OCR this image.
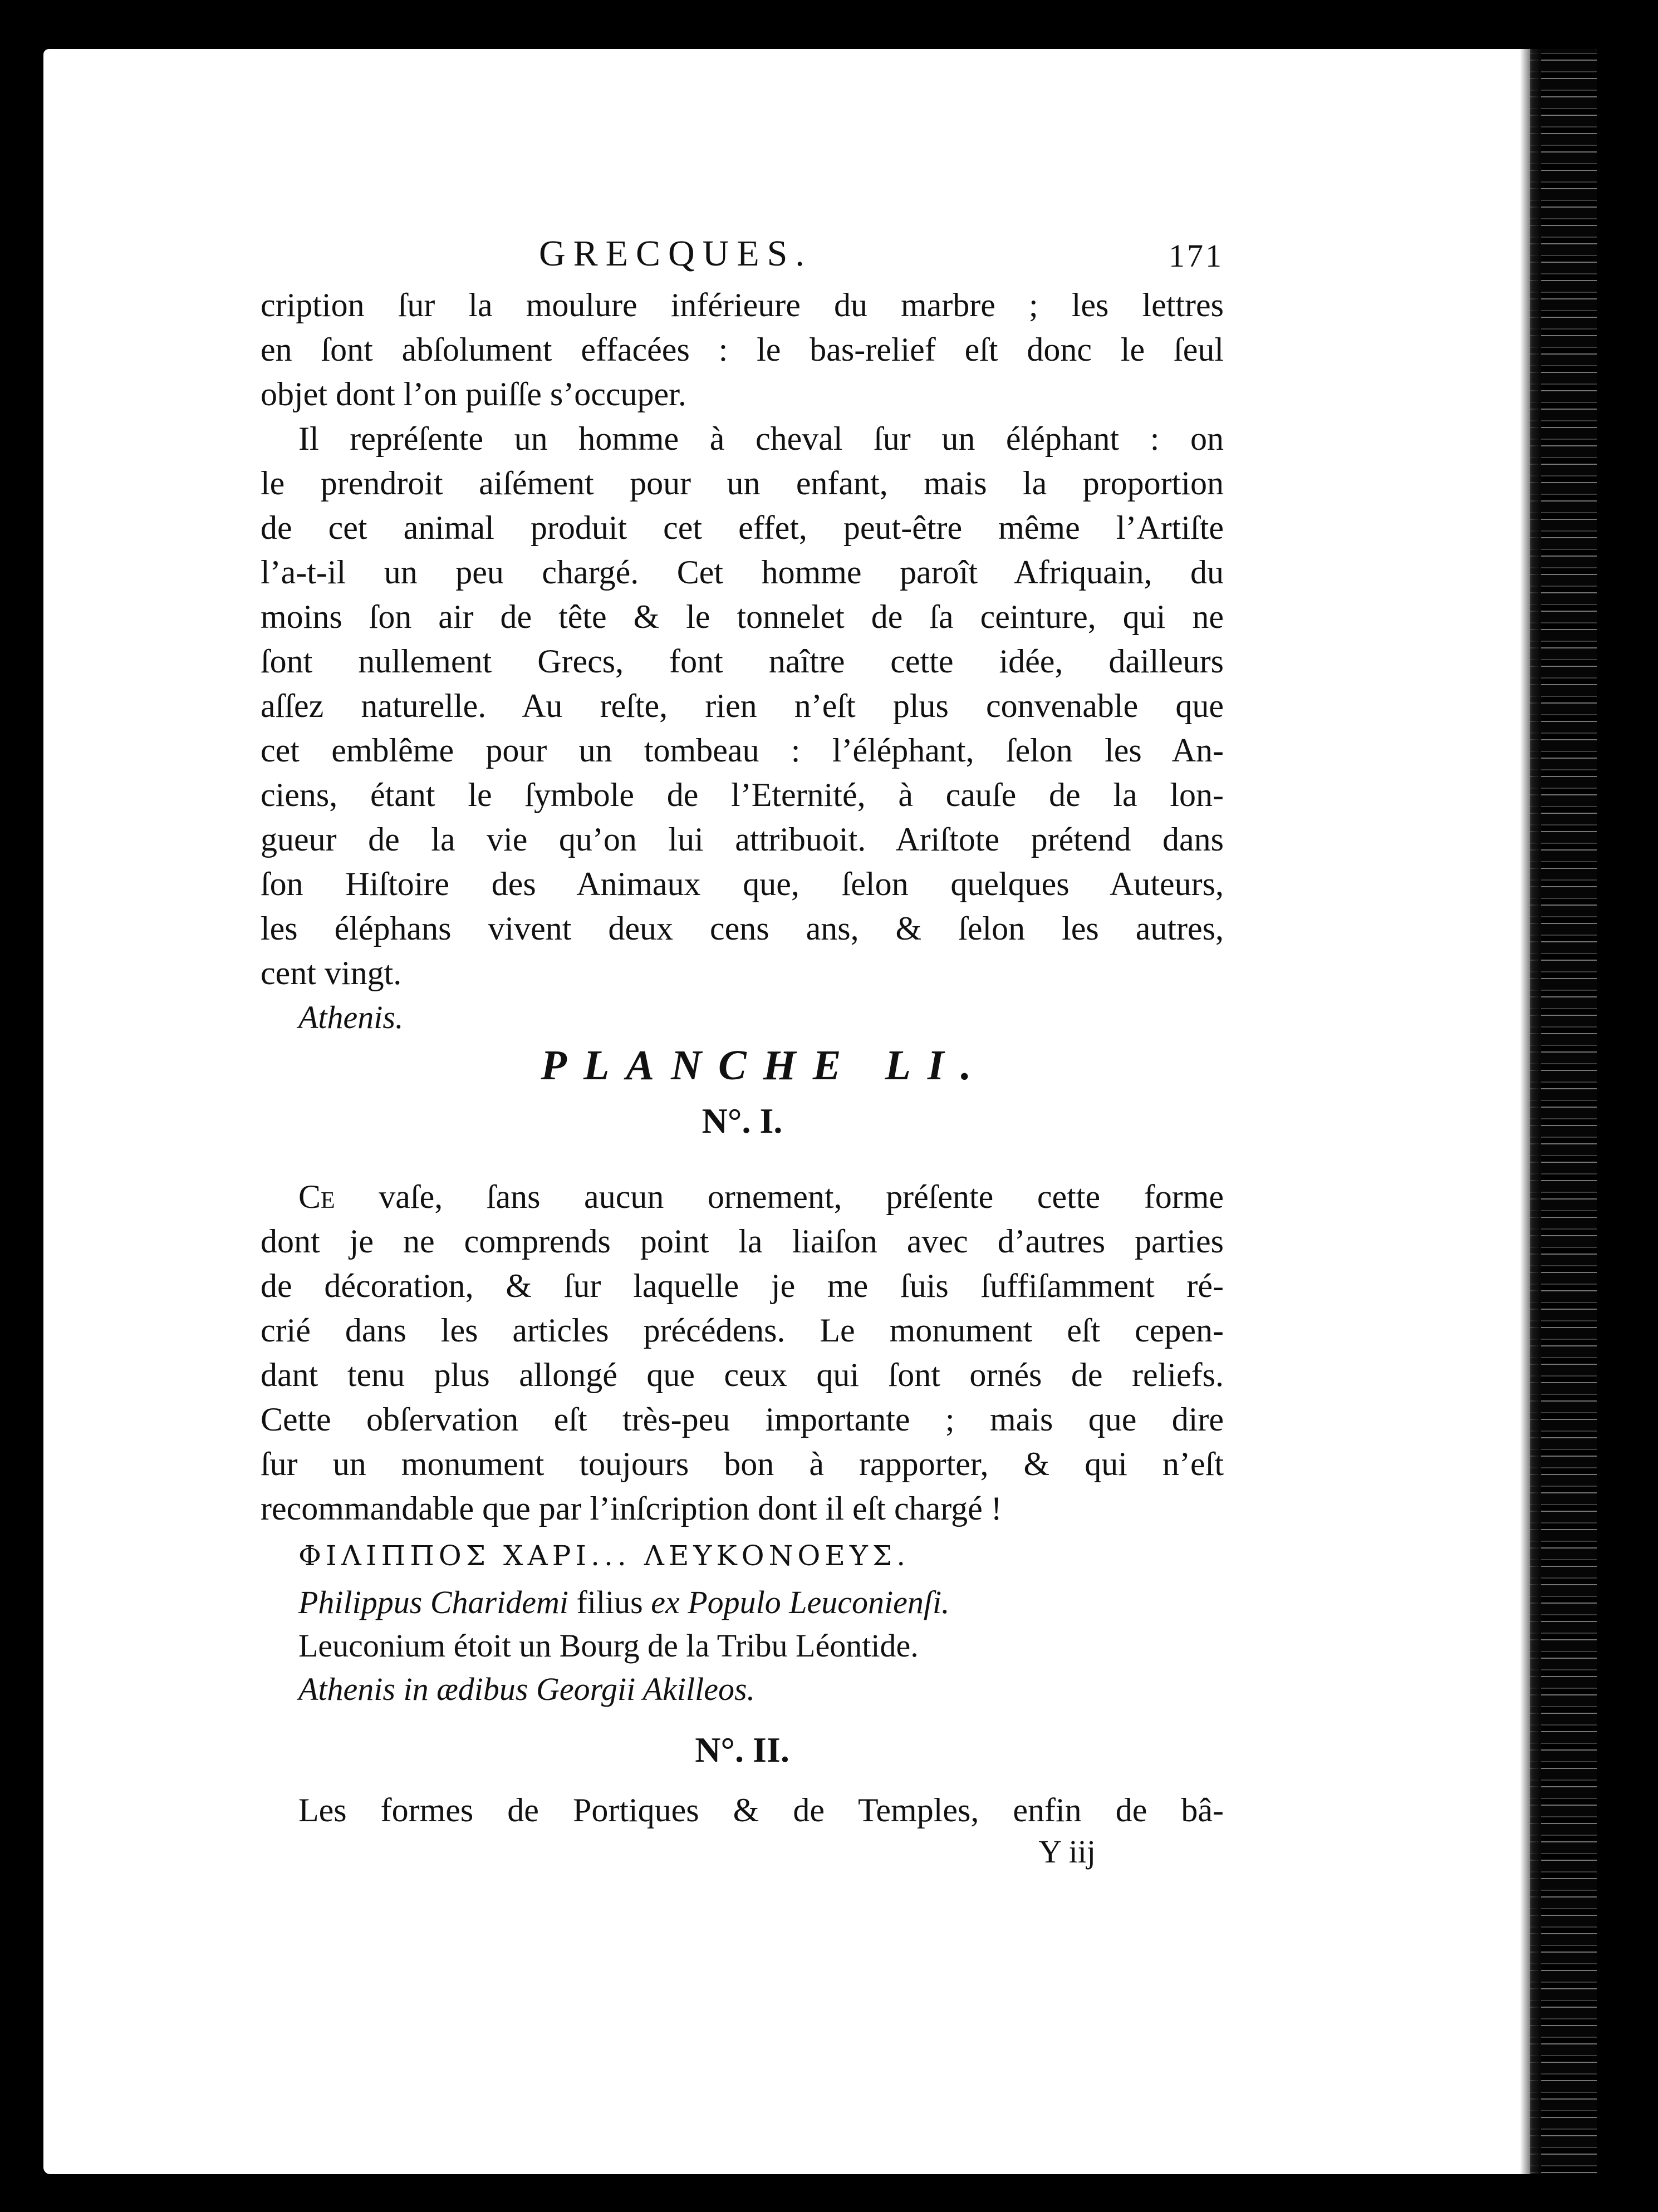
GRECQUES.	171
cription ſur la moulure inférieure du marbre ; les lettres
en ſont abſolument effacées : le bas-relief eſt donc le ſeul
objet dont l’on puiſſe s’occuper.
Il repréſente un homme à cheval ſur un éléphant : on
le prendroit aiſément pour un enfant, mais la proportion
de cet animal produit cet effet, peut-être même l’Artiſte
l’a-t-il un peu chargé. Cet homme paroît Afriquain, du
moins ſon air de tête & le tonnelet de ſa ceinture, qui ne
ſont nullement Grecs, font naître cette idée, dailleurs
aſſez naturelle. Au reſte, rien n’eſt plus convenable que
cet emblême pour un tombeau : l’éléphant, ſelon les An-
ciens, étant le ſymbole de l’Eternité, à cauſe de la lon-
gueur de la vie qu’on lui attribuoit. Ariſtote prétend dans
ſon Hiſtoire des Animaux que, ſelon quelques Auteurs,
les éléphans vivent deux cens ans, & ſelon les autres,
cent vingt.
Athenis.
PLANCHE LI.
N°. I.
Ce vaſe, ſans aucun ornement, préſente cette forme
dont je ne comprends point la liaiſon avec d’autres parties
de décoration, & ſur laquelle je me ſuis ſuffiſamment ré-
crié dans les articles précédens. Le monument eſt cepen-
dant tenu plus allongé que ceux qui ſont ornés de reliefs.
Cette obſervation eſt très-peu importante ; mais que dire
ſur un monument toujours bon à rapporter, & qui n’eſt
recommandable que par l’inſcription dont il eſt chargé !
ΦΙΛΙΠΠΟΣ ΧΑΡΙ... ΛΕΥΚΟΝΟΕΥΣ.
Philippus Charidemi filius ex Populo Leuconienſi.
Leuconium étoit un Bourg de la Tribu Léontide.
Athenis in ædibus Georgii Akilleos.
N°. II.
Les formes de Portiques & de Temples, enfin de bâ-
Y iij
